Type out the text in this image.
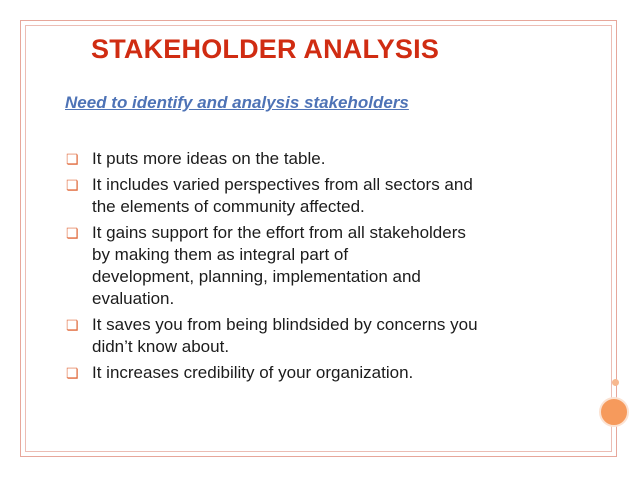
STAKEHOLDER ANALYSIS
Need to identify and analysis stakeholders
❏ It puts more ideas on the table.
❏ It includes varied perspectives from all sectors and
the elements of community affected.
❏ It gains support for the effort from all stakeholders
by making them as integral part of
development, planning, implementation and
evaluation.
❏ It saves you from being blindsided by concerns you
didn’t know about.
❏ It increases credibility of your organization.
